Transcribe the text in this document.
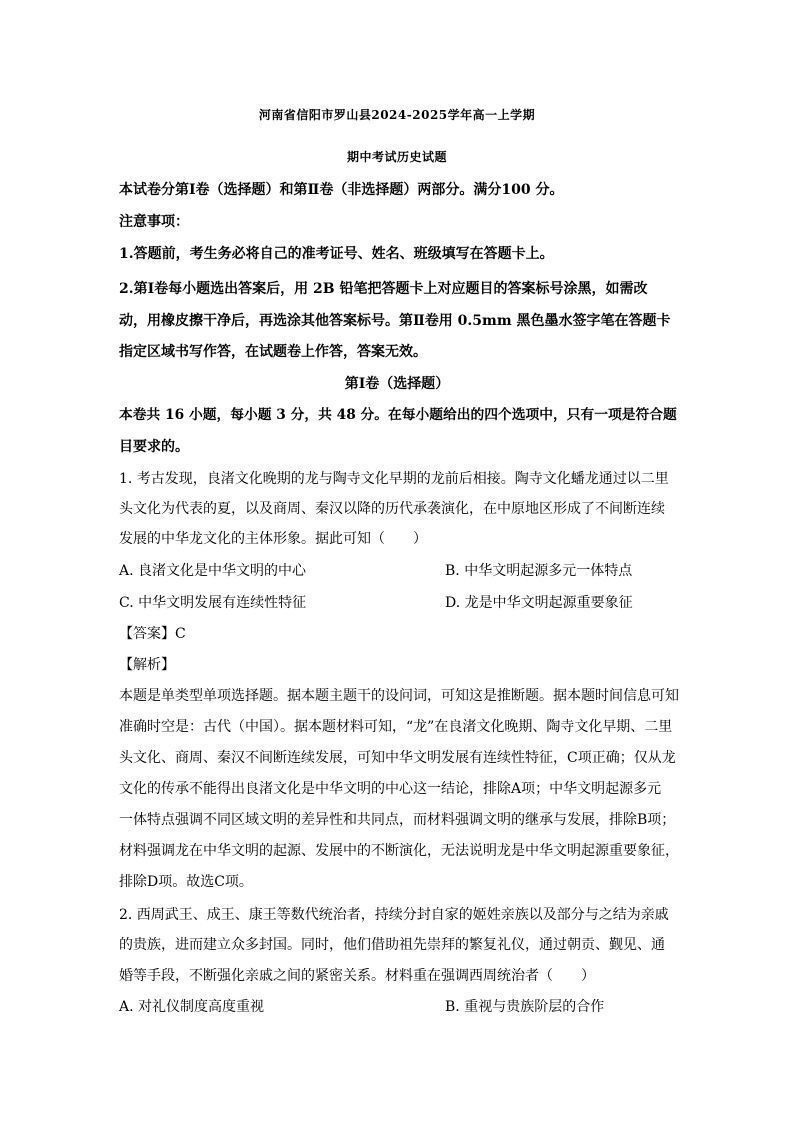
河南省信阳市罗山县2024-2025学年高一上学期
期中考试历史试题
本试卷分第Ⅰ卷（选择题）和第Ⅱ卷（非选择题）两部分。满分100 分。
注意事项：
1.答题前，考生务必将自己的准考证号、姓名、班级填写在答题卡上。
2.第Ⅰ卷每小题选出答案后，用 2B 铅笔把答题卡上对应题目的答案标号涂黑，如需改
动，用橡皮擦干净后，再选涂其他答案标号。第Ⅱ卷用 0.5mm 黑色墨水签字笔在答题卡
指定区域书写作答，在试题卷上作答，答案无效。
第Ⅰ卷（选择题）
本卷共 16 小题，每小题 3 分，共 48 分。在每小题给出的四个选项中，只有一项是符合题
目要求的。
1. 考古发现，良渚文化晚期的龙与陶寺文化早期的龙前后相接。陶寺文化蟠龙通过以二里
头文化为代表的夏，以及商周、秦汉以降的历代承袭演化，在中原地区形成了不间断连续
发展的中华龙文化的主体形象。据此可知（　　）
A. 良渚文化是中华文明的中心	B. 中华文明起源多元一体特点
C. 中华文明发展有连续性特征	D. 龙是中华文明起源重要象征
【答案】C
【解析】
本题是单类型单项选择题。据本题主题干的设问词，可知这是推断题。据本题时间信息可知
准确时空是：古代（中国）。据本题材料可知，“龙”在良渚文化晚期、陶寺文化早期、二里
头文化、商周、秦汉不间断连续发展，可知中华文明发展有连续性特征，C项正确；仅从龙
文化的传承不能得出良渚文化是中华文明的中心这一结论，排除A项；中华文明起源多元
一体特点强调不同区域文明的差异性和共同点，而材料强调文明的继承与发展，排除B项；
材料强调龙在中华文明的起源、发展中的不断演化，无法说明龙是中华文明起源重要象征，
排除D项。故选C项。
2. 西周武王、成王、康王等数代统治者，持续分封自家的姬姓亲族以及部分与之结为亲戚
的贵族，进而建立众多封国。同时，他们借助祖先崇拜的繁复礼仪，通过朝贡、觐见、通
婚等手段，不断强化亲戚之间的紧密关系。材料重在强调西周统治者（　　）
A. 对礼仪制度高度重视	B. 重视与贵族阶层的合作
